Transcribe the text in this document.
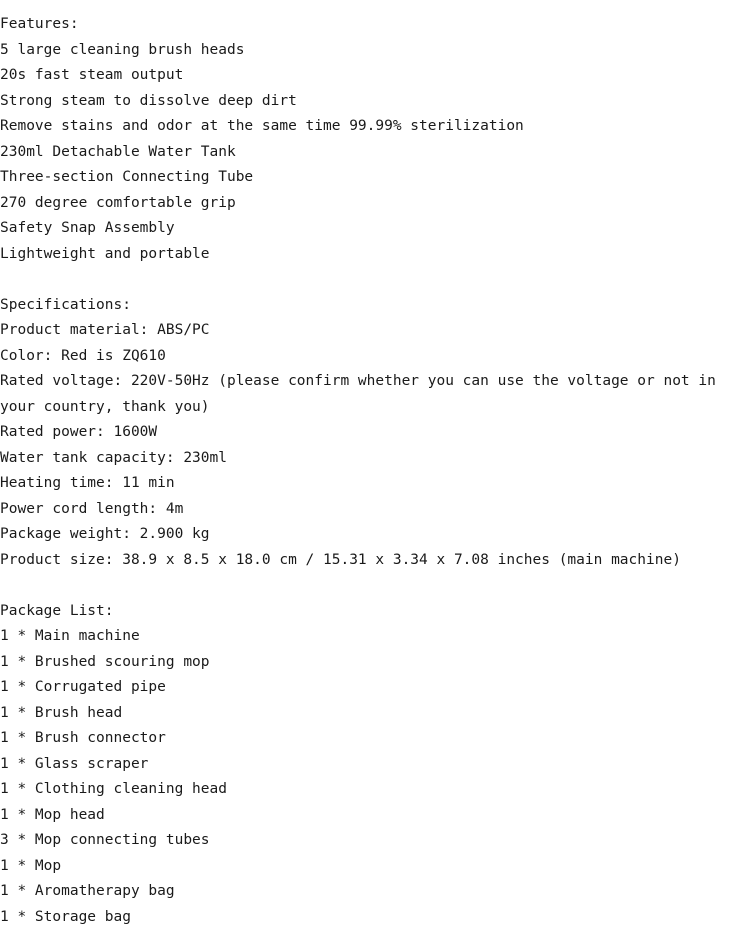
Features:
5 large cleaning brush heads
20s fast steam output
Strong steam to dissolve deep dirt
Remove stains and odor at the same time 99.99% sterilization
230ml Detachable Water Tank
Three-section Connecting Tube
270 degree comfortable grip
Safety Snap Assembly
Lightweight and portable
Specifications:
Product material: ABS/PC
Color: Red is ZQ610
Rated voltage: 220V-50Hz (please confirm whether you can use the voltage or not in your country, thank you)
Rated power: 1600W
Water tank capacity: 230ml
Heating time: 11 min
Power cord length: 4m
Package weight: 2.900 kg
Product size: 38.9 x 8.5 x 18.0 cm / 15.31 x 3.34 x 7.08 inches (main machine)
Package List:
1 * Main machine
1 * Brushed scouring mop
1 * Corrugated pipe
1 * Brush head
1 * Brush connector
1 * Glass scraper
1 * Clothing cleaning head
1 * Mop head
3 * Mop connecting tubes
1 * Mop
1 * Aromatherapy bag
1 * Storage bag
